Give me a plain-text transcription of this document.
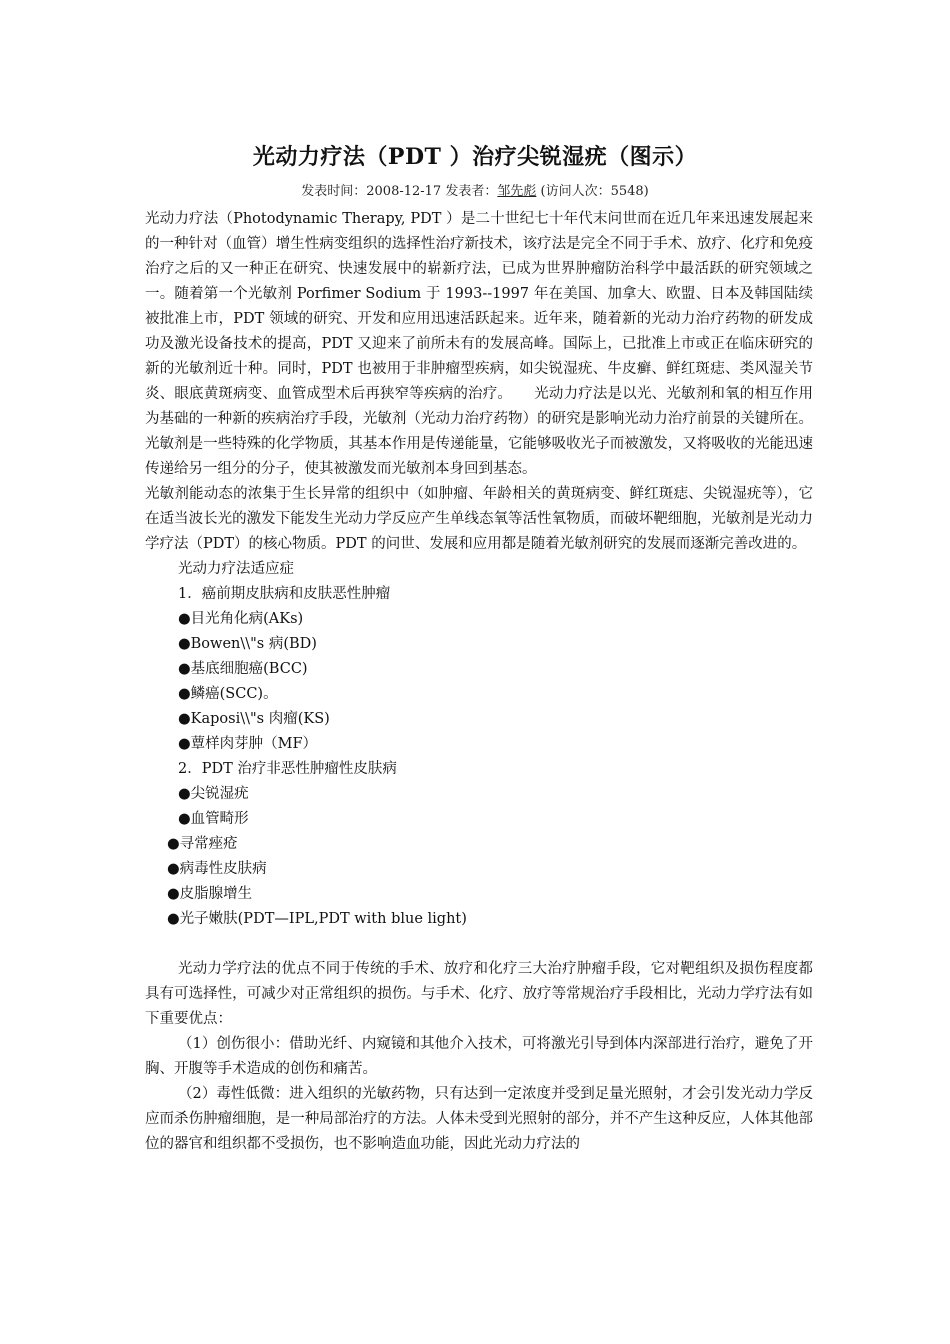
光动力疗法（PDT ）治疗尖锐湿疣（图示）
发表时间：2008-12-17 发表者：邹先彪 (访问人次：5548)

光动力疗法（Photodynamic Therapy, PDT ）是二十世纪七十年代末问世而在近几年来迅速发展起来的一种针对（血管）增生性病变组织的选择性治疗新技术，该疗法是完全不同于手术、放疗、化疗和免疫治疗之后的又一种正在研究、快速发展中的崭新疗法，已成为世界肿瘤防治科学中最活跃的研究领域之一。随着第一个光敏剂 Porfimer Sodium 于 1993--1997 年在美国、加拿大、欧盟、日本及韩国陆续被批准上市，PDT 领域的研究、开发和应用迅速活跃起来。近年来，随着新的光动力治疗药物的研发成功及激光设备技术的提高，PDT 又迎来了前所未有的发展高峰。国际上，已批准上市或正在临床研究的新的光敏剂近十种。同时，PDT 也被用于非肿瘤型疾病，如尖锐湿疣、牛皮癣、鲜红斑痣、类风湿关节炎、眼底黄斑病变、血管成型术后再狭窄等疾病的治疗。　　光动力疗法是以光、光敏剂和氧的相互作用为基础的一种新的疾病治疗手段，光敏剂（光动力治疗药物）的研究是影响光动力治疗前景的关键所在。光敏剂是一些特殊的化学物质，其基本作用是传递能量，它能够吸收光子而被激发，又将吸收的光能迅速传递给另一组分的分子，使其被激发而光敏剂本身回到基态。

光敏剂能动态的浓集于生长异常的组织中（如肿瘤、年龄相关的黄斑病变、鲜红斑痣、尖锐湿疣等），它在适当波长光的激发下能发生光动力学反应产生单线态氧等活性氧物质，而破坏靶细胞，光敏剂是光动力学疗法（PDT）的核心物质。PDT 的问世、发展和应用都是随着光敏剂研究的发展而逐渐完善改进的。

光动力疗法适应症

1．癌前期皮肤病和皮肤恶性肿瘤

●目光角化病(AKs)

●Bowen\\"s 病(BD)

●基底细胞癌(BCC)

●鳞癌(SCC)。

●Kaposi\\"s 肉瘤(KS)

●蕈样肉芽肿（MF）

2．PDT 治疗非恶性肿瘤性皮肤病

●尖锐湿疣

●血管畸形

●寻常痤疮

●病毒性皮肤病

●皮脂腺增生

●光子嫩肤(PDT—IPL,PDT with blue light)

光动力学疗法的优点不同于传统的手术、放疗和化疗三大治疗肿瘤手段，它对靶组织及损伤程度都具有可选择性，可减少对正常组织的损伤。与手术、化疗、放疗等常规治疗手段相比，光动力学疗法有如下重要优点：

（1）创伤很小：借助光纤、内窥镜和其他介入技术，可将激光引导到体内深部进行治疗，避免了开胸、开腹等手术造成的创伤和痛苦。

（2）毒性低微：进入组织的光敏药物，只有达到一定浓度并受到足量光照射，才会引发光动力学反应而杀伤肿瘤细胞，是一种局部治疗的方法。人体未受到光照射的部分，并不产生这种反应，人体其他部位的器官和组织都不受损伤，也不影响造血功能，因此光动力疗法的
